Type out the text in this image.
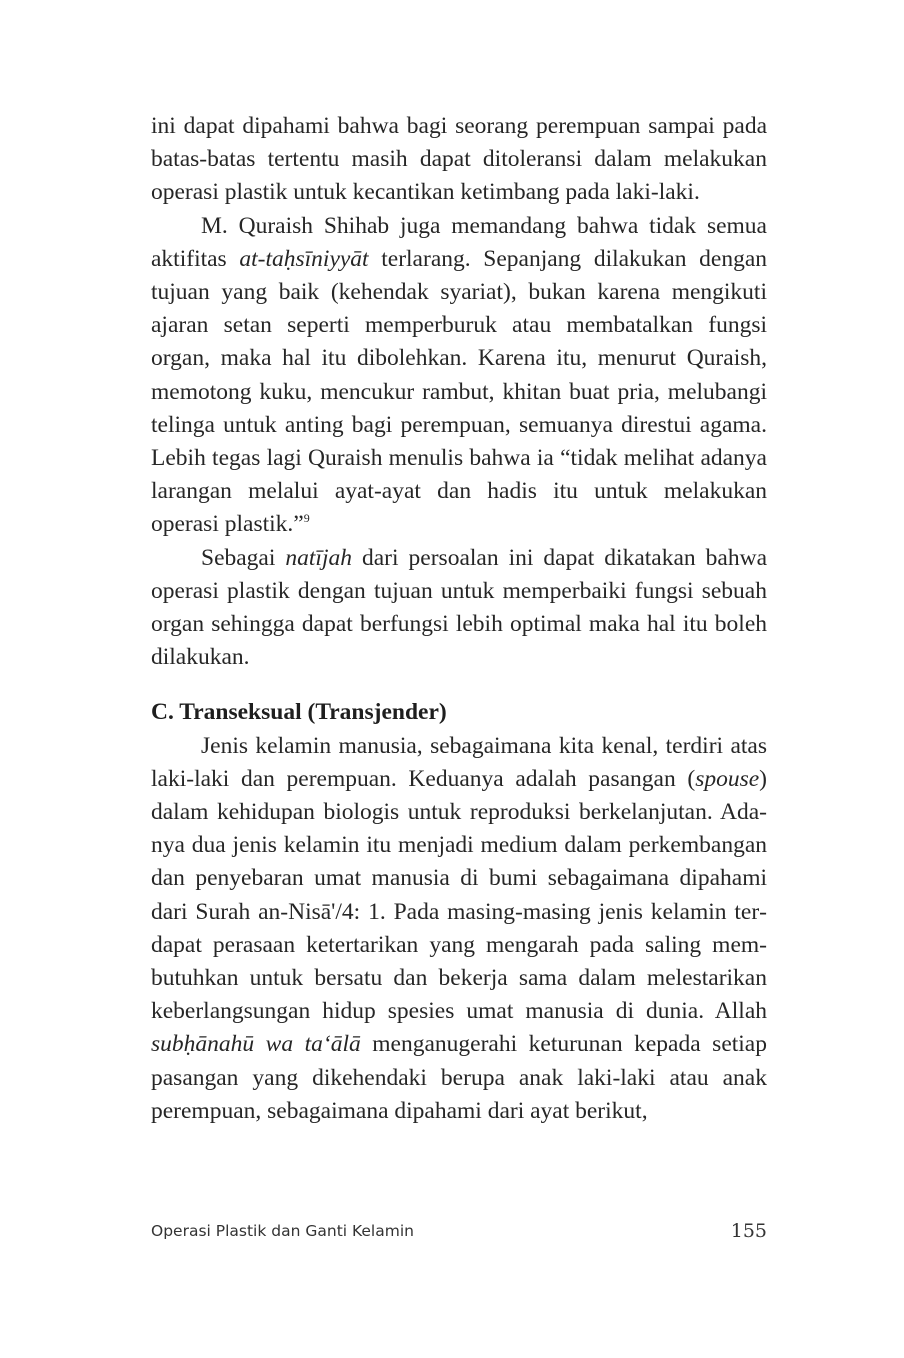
ini dapat dipahami bahwa bagi seorang perempuan sampai pada batas-batas tertentu masih dapat ditoleransi dalam melakukan operasi plastik untuk kecantikan ketimbang pada laki-laki.

M. Quraish Shihab juga memandang bahwa tidak semua aktifitas at-taḥsīniyyāt terlarang. Sepanjang dilakukan dengan tujuan yang baik (kehendak syariat), bukan karena mengikuti ajaran setan seperti memperburuk atau membatalkan fungsi organ, maka hal itu dibolehkan. Karena itu, menurut Quraish, memotong kuku, mencukur rambut, khitan buat pria, melubangi telinga untuk anting bagi perempuan, semuanya direstui agama. Lebih tegas lagi Quraish menulis bahwa ia “tidak melihat adanya larangan melalui ayat-ayat dan hadis itu untuk melakukan operasi plastik.”$^9$

Sebagai natījah dari persoalan ini dapat dikatakan bahwa operasi plastik dengan tujuan untuk memperbaiki fungsi sebuah organ sehingga dapat berfungsi lebih optimal maka hal itu boleh dilakukan.

C. Transeksual (Transjender)

Jenis kelamin manusia, sebagaimana kita kenal, terdiri atas laki-laki dan perempuan. Keduanya adalah pasangan (spouse) dalam kehidupan biologis untuk reproduksi berkelanjutan. Adanya dua jenis kelamin itu menjadi medium dalam perkembangan dan penyebaran umat manusia di bumi sebagaimana dipahami dari Surah an-Nisā'/4: 1. Pada masing-masing jenis kelamin terdapat perasaan ketertarikan yang mengarah pada saling membutuhkan untuk bersatu dan bekerja sama dalam melestarikan keberlangsungan hidup spesies umat manusia di dunia. Allah subḥānahū wa ta‘ālā menganugerahi keturunan kepada setiap pasangan yang dikehendaki berupa anak laki-laki atau anak perempuan, sebagaimana dipahami dari ayat berikut,

Operasi Plastik dan Ganti Kelamin	155
